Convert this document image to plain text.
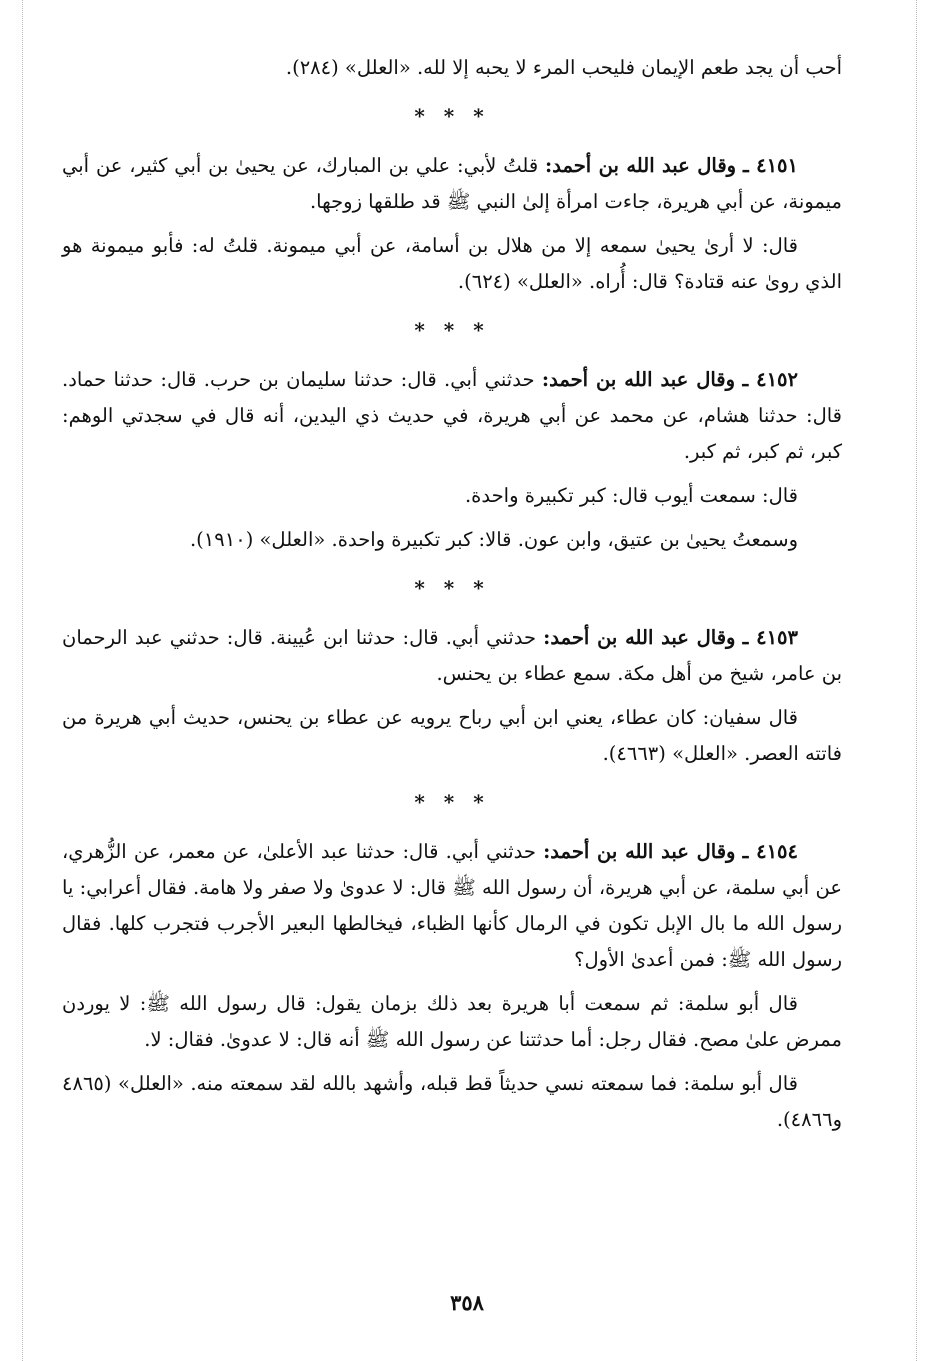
أحب أن يجد طعم الإيمان فليحب المرء لا يحبه إلا لله. «العلل» (٢٨٤).

* * *

٤١٥١ ـ وقال عبد الله بن أحمد: قلتُ لأبي: علي بن المبارك، عن يحيىٰ بن أبي كثير، عن أبي ميمونة، عن أبي هريرة، جاءت امرأة إلىٰ النبي ﷺ قد طلقها زوجها.

قال: لا أرىٰ يحيىٰ سمعه إلا من هلال بن أسامة، عن أبي ميمونة. قلتُ له: فأبو ميمونة هو الذي روىٰ عنه قتادة؟ قال: أُراه. «العلل» (٦٢٤).

* * *

٤١٥٢ ـ وقال عبد الله بن أحمد: حدثني أبي. قال: حدثنا سليمان بن حرب. قال: حدثنا حماد. قال: حدثنا هشام، عن محمد عن أبي هريرة، في حديث ذي اليدين، أنه قال في سجدتي الوهم: كبر، ثم كبر، ثم كبر.

قال: سمعت أيوب قال: كبر تكبيرة واحدة.

وسمعتُ يحيىٰ بن عتيق، وابن عون. قالا: كبر تكبيرة واحدة. «العلل» (١٩١٠).

* * *

٤١٥٣ ـ وقال عبد الله بن أحمد: حدثني أبي. قال: حدثنا ابن عُيينة. قال: حدثني عبد الرحمان بن عامر، شيخ من أهل مكة. سمع عطاء بن يحنس.

قال سفيان: كان عطاء، يعني ابن أبي رباح يرويه عن عطاء بن يحنس، حديث أبي هريرة من فاتته العصر. «العلل» (٤٦٦٣).

* * *

٤١٥٤ ـ وقال عبد الله بن أحمد: حدثني أبي. قال: حدثنا عبد الأعلىٰ، عن معمر، عن الزُّهري، عن أبي سلمة، عن أبي هريرة، أن رسول الله ﷺ قال: لا عدوىٰ ولا صفر ولا هامة. فقال أعرابي: يا رسول الله ما بال الإبل تكون في الرمال كأنها الظباء، فيخالطها البعير الأجرب فتجرب كلها. فقال رسول الله ﷺ: فمن أعدىٰ الأول؟

قال أبو سلمة: ثم سمعت أبا هريرة بعد ذلك بزمان يقول: قال رسول الله ﷺ: لا يوردن ممرض علىٰ مصح. فقال رجل: أما حدثتنا عن رسول الله ﷺ أنه قال: لا عدوىٰ. فقال: لا.

قال أبو سلمة: فما سمعته نسي حديثاً قط قبله، وأشهد بالله لقد سمعته منه. «العلل» (٤٨٦٥ و٤٨٦٦).

٣٥٨
